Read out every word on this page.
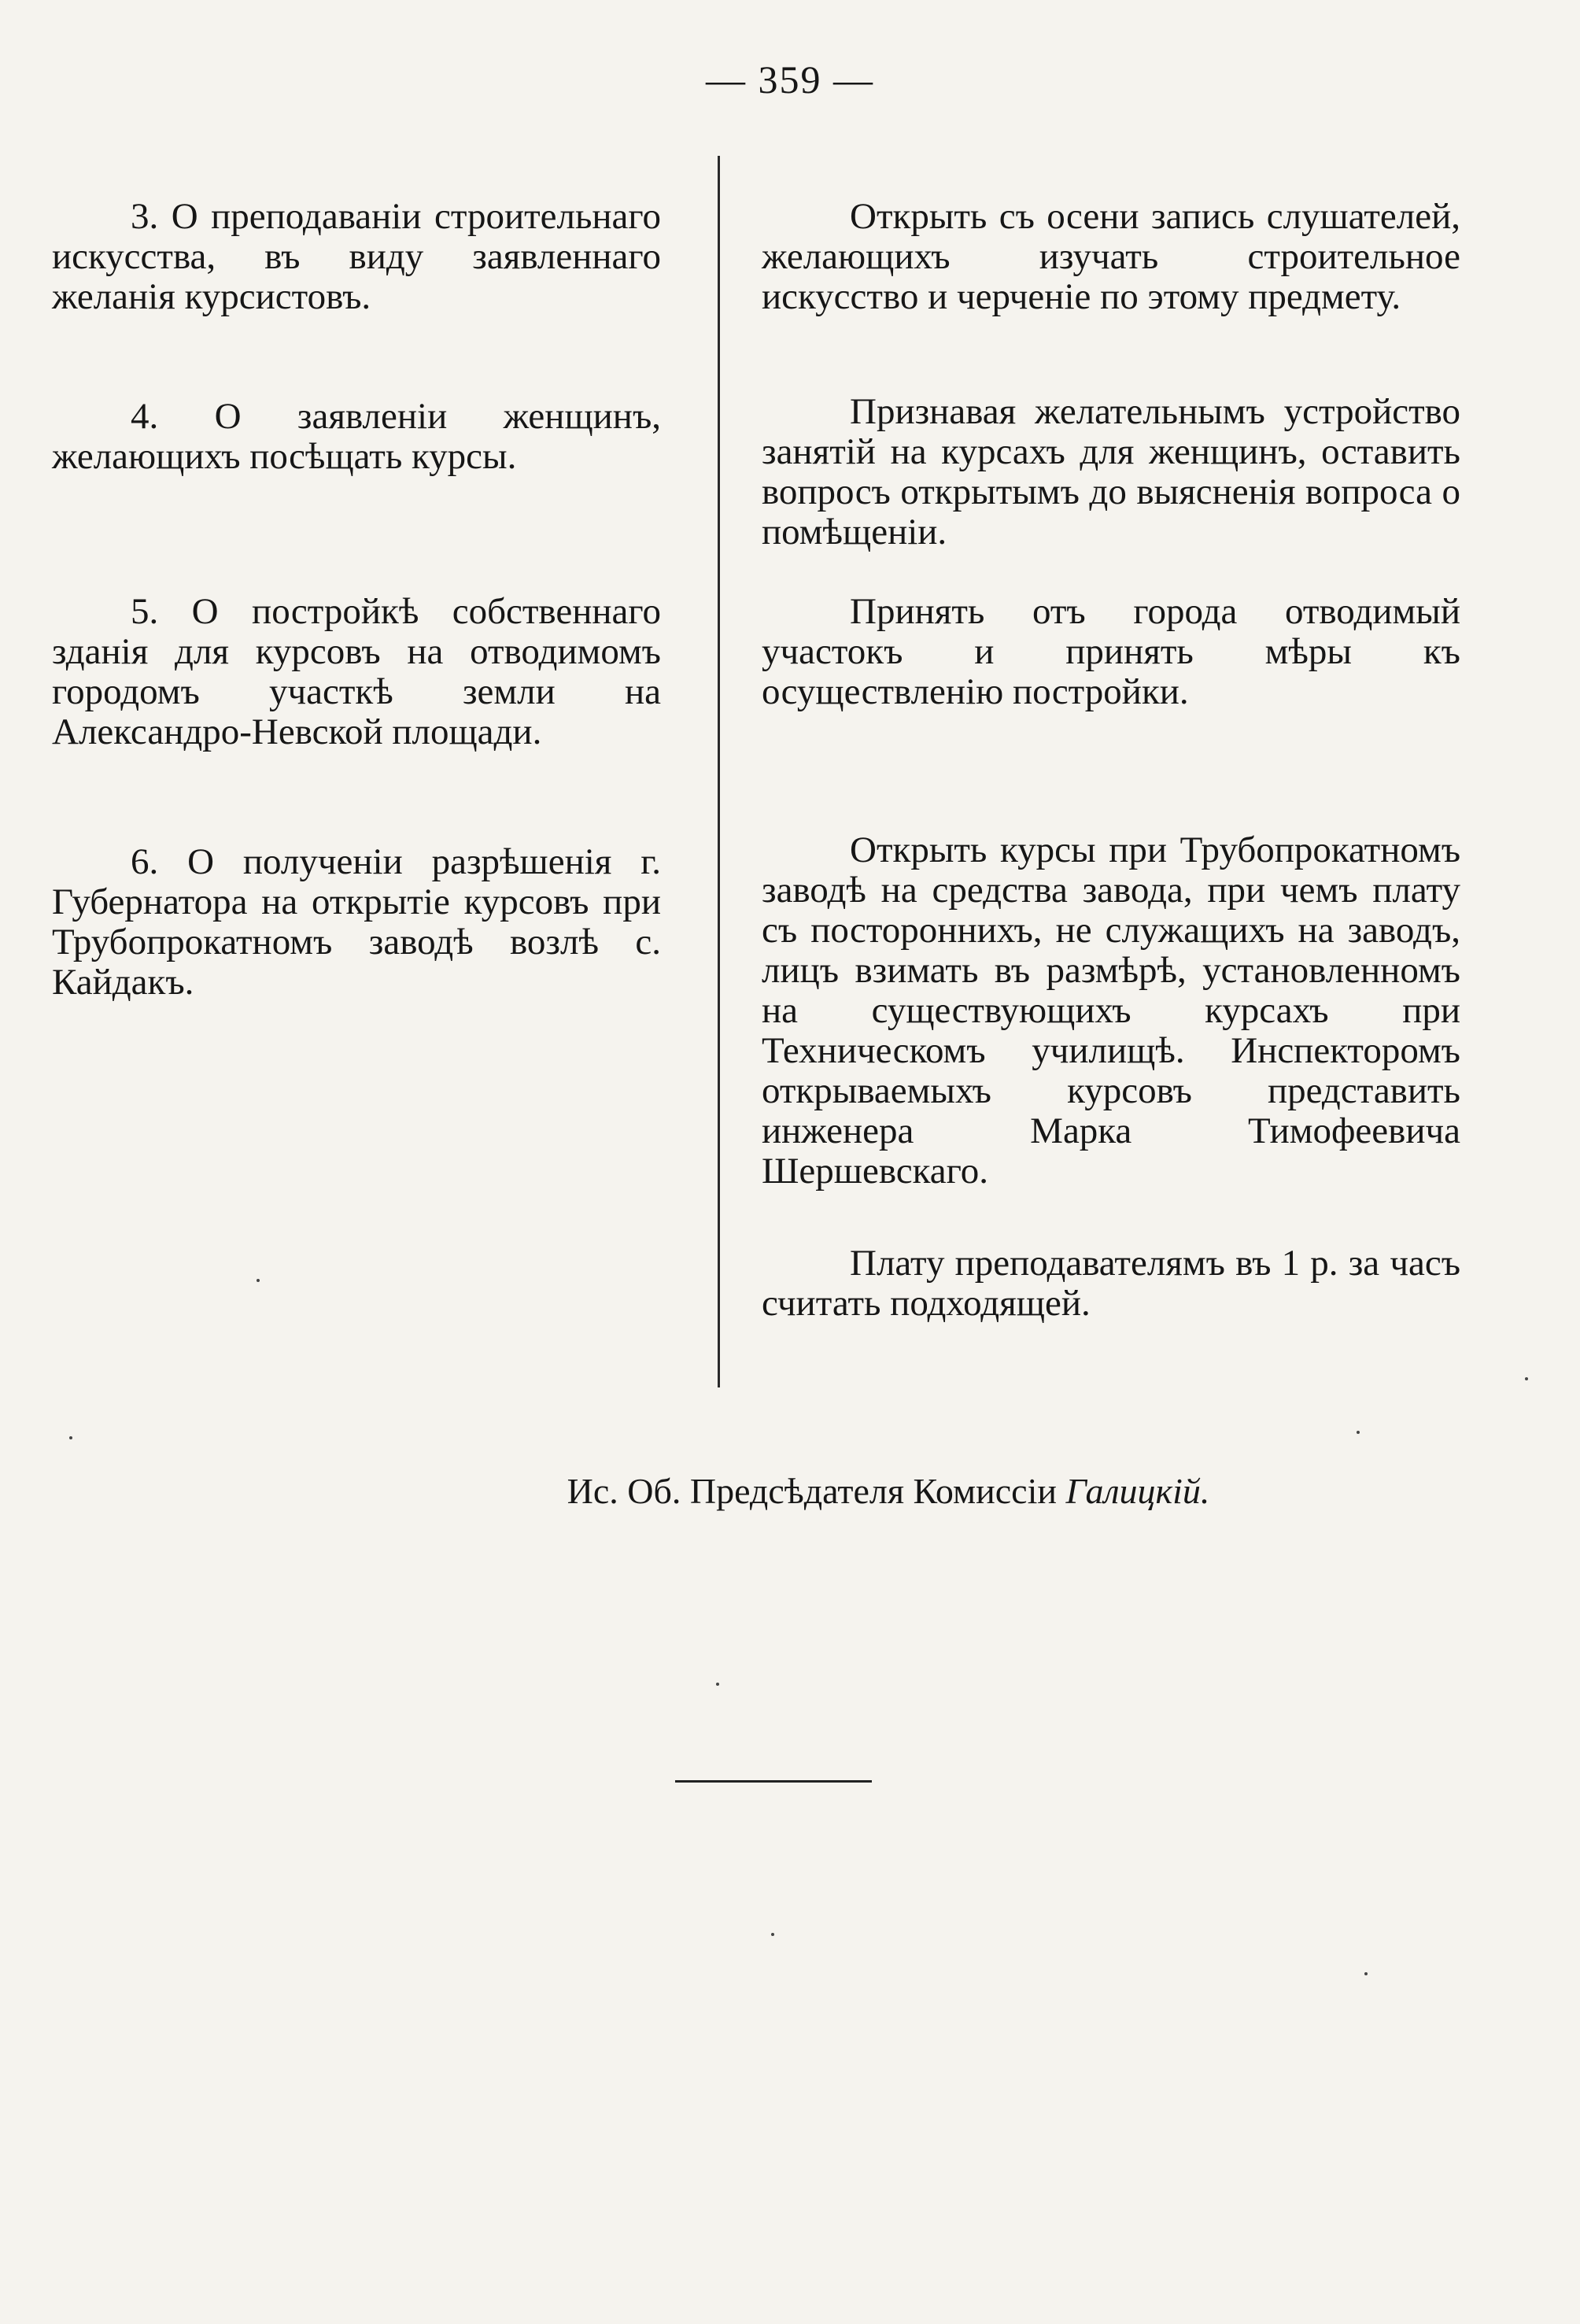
— 359 —
3. О преподаванiи строительнаго искусства, въ виду заявленнаго желанiя курсистовъ.
4. О заявленiи женщинъ, желающихъ посѣщать курсы.
5. О постройкѣ собственнаго зданiя для курсовъ на отводимомъ городомъ участкѣ земли на Александро-Невской площади.
6. О полученiи разрѣшенiя г. Губернатора на открытiе курсовъ при Трубопрокатномъ заводѣ возлѣ с. Кайдакъ.
Открыть съ осени запись слушателей, желающихъ изучать строительное искусство и черченiе по этому предмету.
Признавая желательнымъ устройство занятiй на курсахъ для женщинъ, оставить вопросъ открытымъ до выясненiя вопроса о помѣщенiи.
Принять отъ города отводимый участокъ и принять мѣры къ осуществленiю постройки.
Открыть курсы при Трубопрокатномъ заводѣ на средства завода, при чемъ плату съ постороннихъ, не служащихъ на заводъ, лицъ взимать въ размѣрѣ, установленномъ на существующихъ курсахъ при Техническомъ училищѣ. Инспекторомъ открываемыхъ курсовъ представить инженера Марка Тимофеевича Шершевскаго.
Плату преподавателямъ въ 1 р. за часъ считать подходящей.
Ис. Об. Предсѣдателя Комиссiи Галицкiй.
